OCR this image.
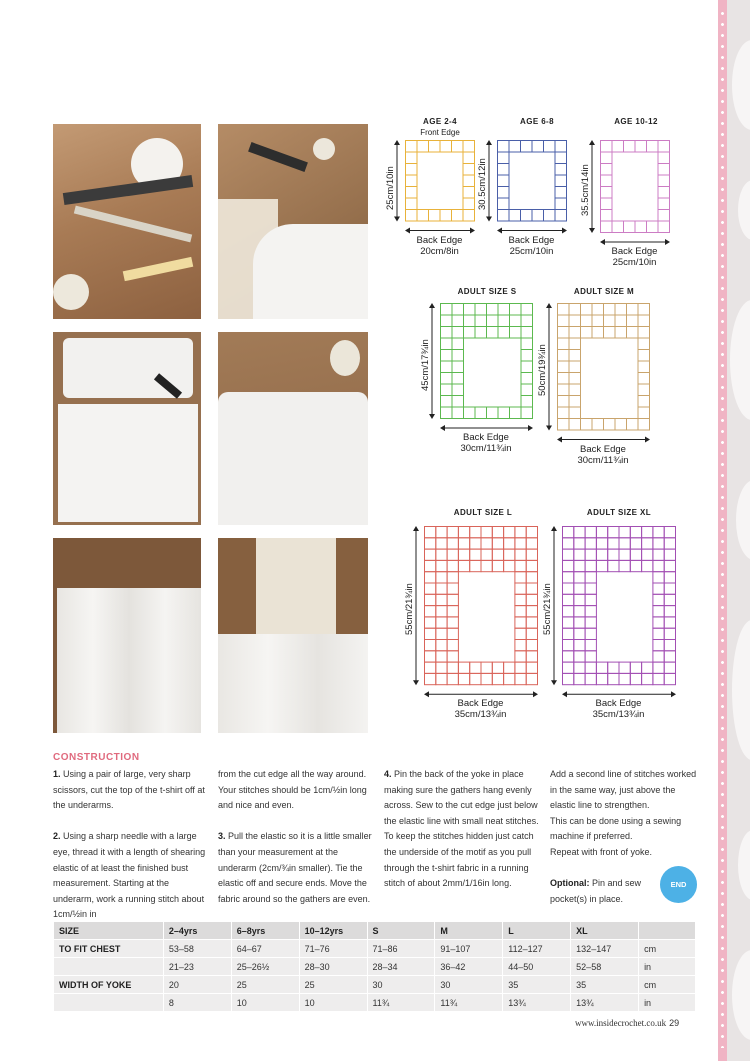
AGE 2-4
Front Edge
25cm/10in
Back Edge
20cm/8in
AGE 6-8
30.5cm/12in
Back Edge
25cm/10in
AGE 10-12
35.5cm/14in
Back Edge
25cm/10in
ADULT SIZE S
45cm/17¾in
Back Edge
30cm/11¾in
ADULT SIZE M
50cm/19¾in
Back Edge
30cm/11¾in
ADULT SIZE L
55cm/21¾in
Back Edge
35cm/13¾in
ADULT SIZE XL
55cm/21¾in
Back Edge
35cm/13¾in
CONSTRUCTION

1. Using a pair of large, very sharp scissors, cut the top of the t-shirt off at the underarms.

2. Using a sharp needle with a large eye, thread it with a length of shearing elastic of at least the finished bust measurement. Starting at the underarm, work a running stitch about 1cm/½in in

from the cut edge all the way around. Your stitches should be 1cm/½in long and nice and even.

3. Pull the elastic so it is a little smaller than your measurement at the underarm (2cm/¾in smaller). Tie the elastic off and secure ends. Move the fabric around so the gathers are even.

4. Pin the back of the yoke in place making sure the gathers hang evenly across. Sew to the cut edge just below the elastic line with small neat stitches. To keep the stitches hidden just catch the underside of the motif as you pull through the t-shirt fabric in a running stitch of about 2mm/1/16in long.

Add a second line of stitches worked in the same way, just above the elastic line to strengthen.
This can be done using a sewing machine if preferred.
Repeat with front of yoke.
Optional: Pin and sew pocket(s) in place.
END
SIZE	2–4yrs	6–8yrs	10–12yrs	S	M	L	XL	
TO FIT CHEST	53–58	64–67	71–76	71–86	91–107	112–127	132–147	cm
	21–23	25–26½	28–30	28–34	36–42	44–50	52–58	in
WIDTH OF YOKE	20	25	25	30	30	35	35	cm
	8	10	10	11¾	11¾	13¾	13¾	in
www.insidecrochet.co.uk 29
